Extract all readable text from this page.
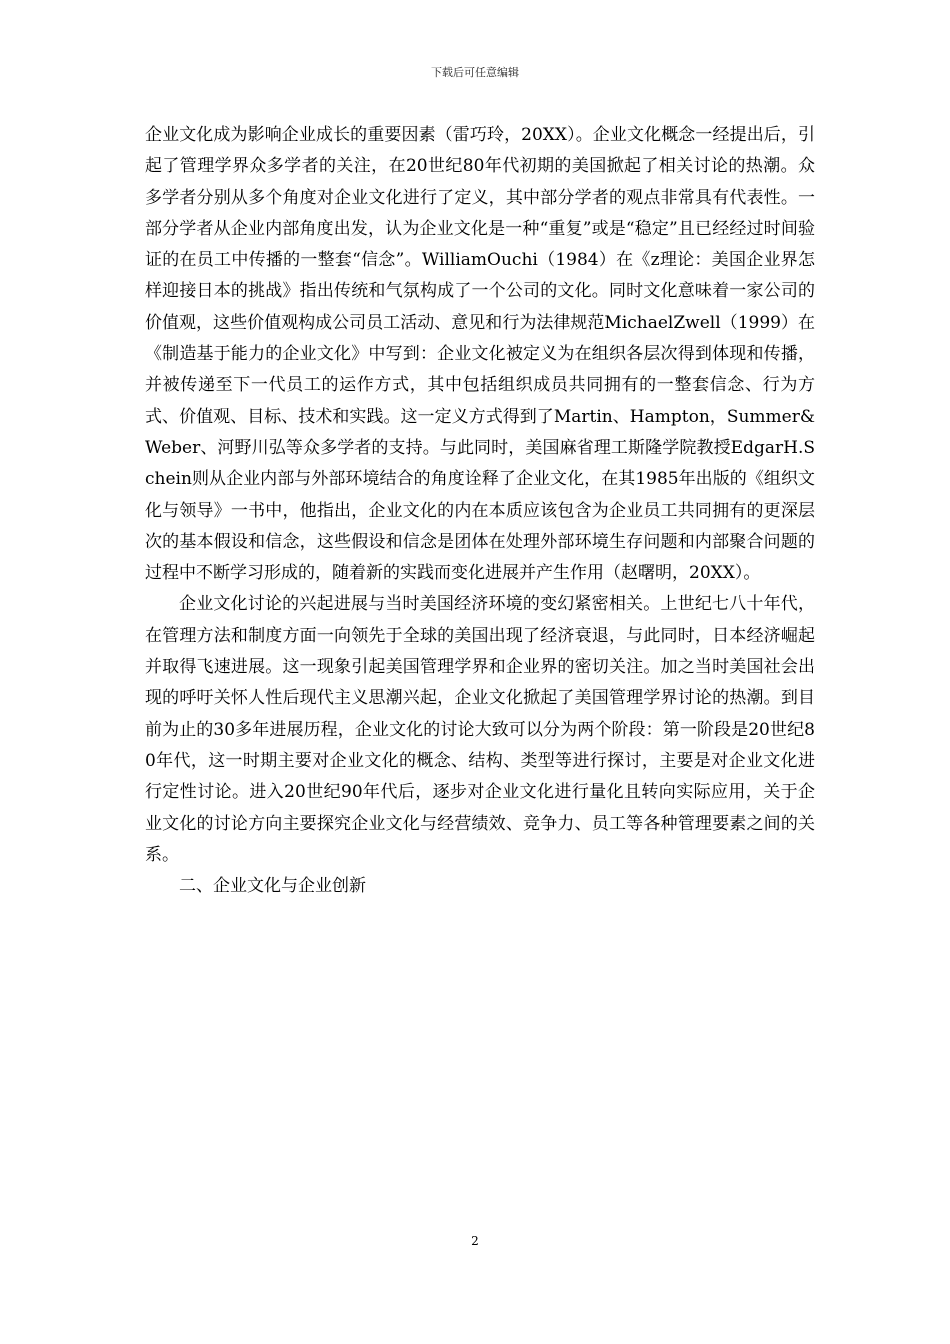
下载后可任意编辑

企业文化成为影响企业成长的重要因素（雷巧玲，20XX）。企业文化概念一经提出后，引起了管理学界众多学者的关注，在20世纪80年代初期的美国掀起了相关讨论的热潮。众多学者分别从多个角度对企业文化进行了定义，其中部分学者的观点非常具有代表性。一部分学者从企业内部角度出发，认为企业文化是一种“重复”或是“稳定”且已经经过时间验证的在员工中传播的一整套“信念”。WilliamOuchi（1984）在《z理论：美国企业界怎样迎接日本的挑战》指出传统和气氛构成了一个公司的文化。同时文化意味着一家公司的价值观，这些价值观构成公司员工活动、意见和行为法律规范MichaelZwell（1999）在《制造基于能力的企业文化》中写到：企业文化被定义为在组织各层次得到体现和传播，并被传递至下一代员工的运作方式，其中包括组织成员共同拥有的一整套信念、行为方式、价值观、目标、技术和实践。这一定义方式得到了Martin、Hampton，Summer&Weber、河野川弘等众多学者的支持。与此同时，美国麻省理工斯隆学院教授EdgarH.Schein则从企业内部与外部环境结合的角度诠释了企业文化，在其1985年出版的《组织文化与领导》一书中，他指出，企业文化的内在本质应该包含为企业员工共同拥有的更深层次的基本假设和信念，这些假设和信念是团体在处理外部环境生存问题和内部聚合问题的过程中不断学习形成的，随着新的实践而变化进展并产生作用（赵曙明，20XX）。

企业文化讨论的兴起进展与当时美国经济环境的变幻紧密相关。上世纪七八十年代，在管理方法和制度方面一向领先于全球的美国出现了经济衰退，与此同时，日本经济崛起并取得飞速进展。这一现象引起美国管理学界和企业界的密切关注。加之当时美国社会出现的呼吁关怀人性后现代主义思潮兴起，企业文化掀起了美国管理学界讨论的热潮。到目前为止的30多年进展历程，企业文化的讨论大致可以分为两个阶段：第一阶段是20世纪80年代，这一时期主要对企业文化的概念、结构、类型等进行探讨，主要是对企业文化进行定性讨论。进入20世纪90年代后，逐步对企业文化进行量化且转向实际应用，关于企业文化的讨论方向主要探究企业文化与经营绩效、竞争力、员工等各种管理要素之间的关系。

二、企业文化与企业创新

2
